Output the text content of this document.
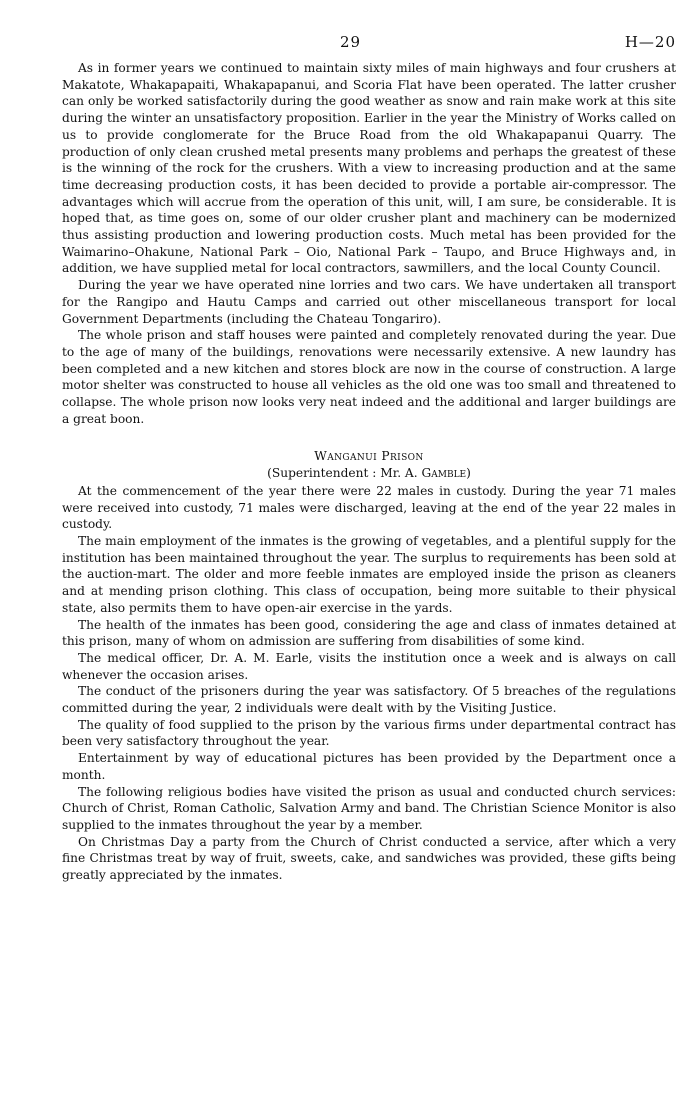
29	H—20

As in former years we continued to maintain sixty miles of main highways and four crushers at Makatote, Whakapapaiti, Whakapapanui, and Scoria Flat have been operated. The latter crusher can only be worked satisfactorily during the good weather as snow and rain make work at this site during the winter an unsatisfactory proposition. Earlier in the year the Ministry of Works called on us to provide conglomerate for the Bruce Road from the old Whakapapanui Quarry. The production of only clean crushed metal presents many problems and perhaps the greatest of these is the winning of the rock for the crushers. With a view to increasing production and at the same time decreasing production costs, it has been decided to provide a portable air-compressor. The advantages which will accrue from the operation of this unit, will, I am sure, be considerable. It is hoped that, as time goes on, some of our older crusher plant and machinery can be modernized thus assisting production and lowering production costs. Much metal has been provided for the Waimarino–Ohakune, National Park – Oio, National Park – Taupo, and Bruce Highways and, in addition, we have supplied metal for local contractors, sawmillers, and the local County Council.

During the year we have operated nine lorries and two cars. We have undertaken all transport for the Rangipo and Hautu Camps and carried out other miscellaneous transport for local Government Departments (including the Chateau Tongariro).

The whole prison and staff houses were painted and completely renovated during the year. Due to the age of many of the buildings, renovations were necessarily extensive. A new laundry has been completed and a new kitchen and stores block are now in the course of construction. A large motor shelter was constructed to house all vehicles as the old one was too small and threatened to collapse. The whole prison now looks very neat indeed and the additional and larger buildings are a great boon.

Wanganui Prison
(Superintendent : Mr. A. Gamble)

At the commencement of the year there were 22 males in custody. During the year 71 males were received into custody, 71 males were discharged, leaving at the end of the year 22 males in custody.

The main employment of the inmates is the growing of vegetables, and a plentiful supply for the institution has been maintained throughout the year. The surplus to requirements has been sold at the auction-mart. The older and more feeble inmates are employed inside the prison as cleaners and at mending prison clothing. This class of occupation, being more suitable to their physical state, also permits them to have open-air exercise in the yards.

The health of the inmates has been good, considering the age and class of inmates detained at this prison, many of whom on admission are suffering from disabilities of some kind.

The medical officer, Dr. A. M. Earle, visits the institution once a week and is always on call whenever the occasion arises.

The conduct of the prisoners during the year was satisfactory. Of 5 breaches of the regulations committed during the year, 2 individuals were dealt with by the Visiting Justice.

The quality of food supplied to the prison by the various firms under departmental contract has been very satisfactory throughout the year.

Entertainment by way of educational pictures has been provided by the Department once a month.

The following religious bodies have visited the prison as usual and conducted church services: Church of Christ, Roman Catholic, Salvation Army and band. The Christian Science Monitor is also supplied to the inmates throughout the year by a member.

On Christmas Day a party from the Church of Christ conducted a service, after which a very fine Christmas treat by way of fruit, sweets, cake, and sandwiches was provided, these gifts being greatly appreciated by the inmates.
